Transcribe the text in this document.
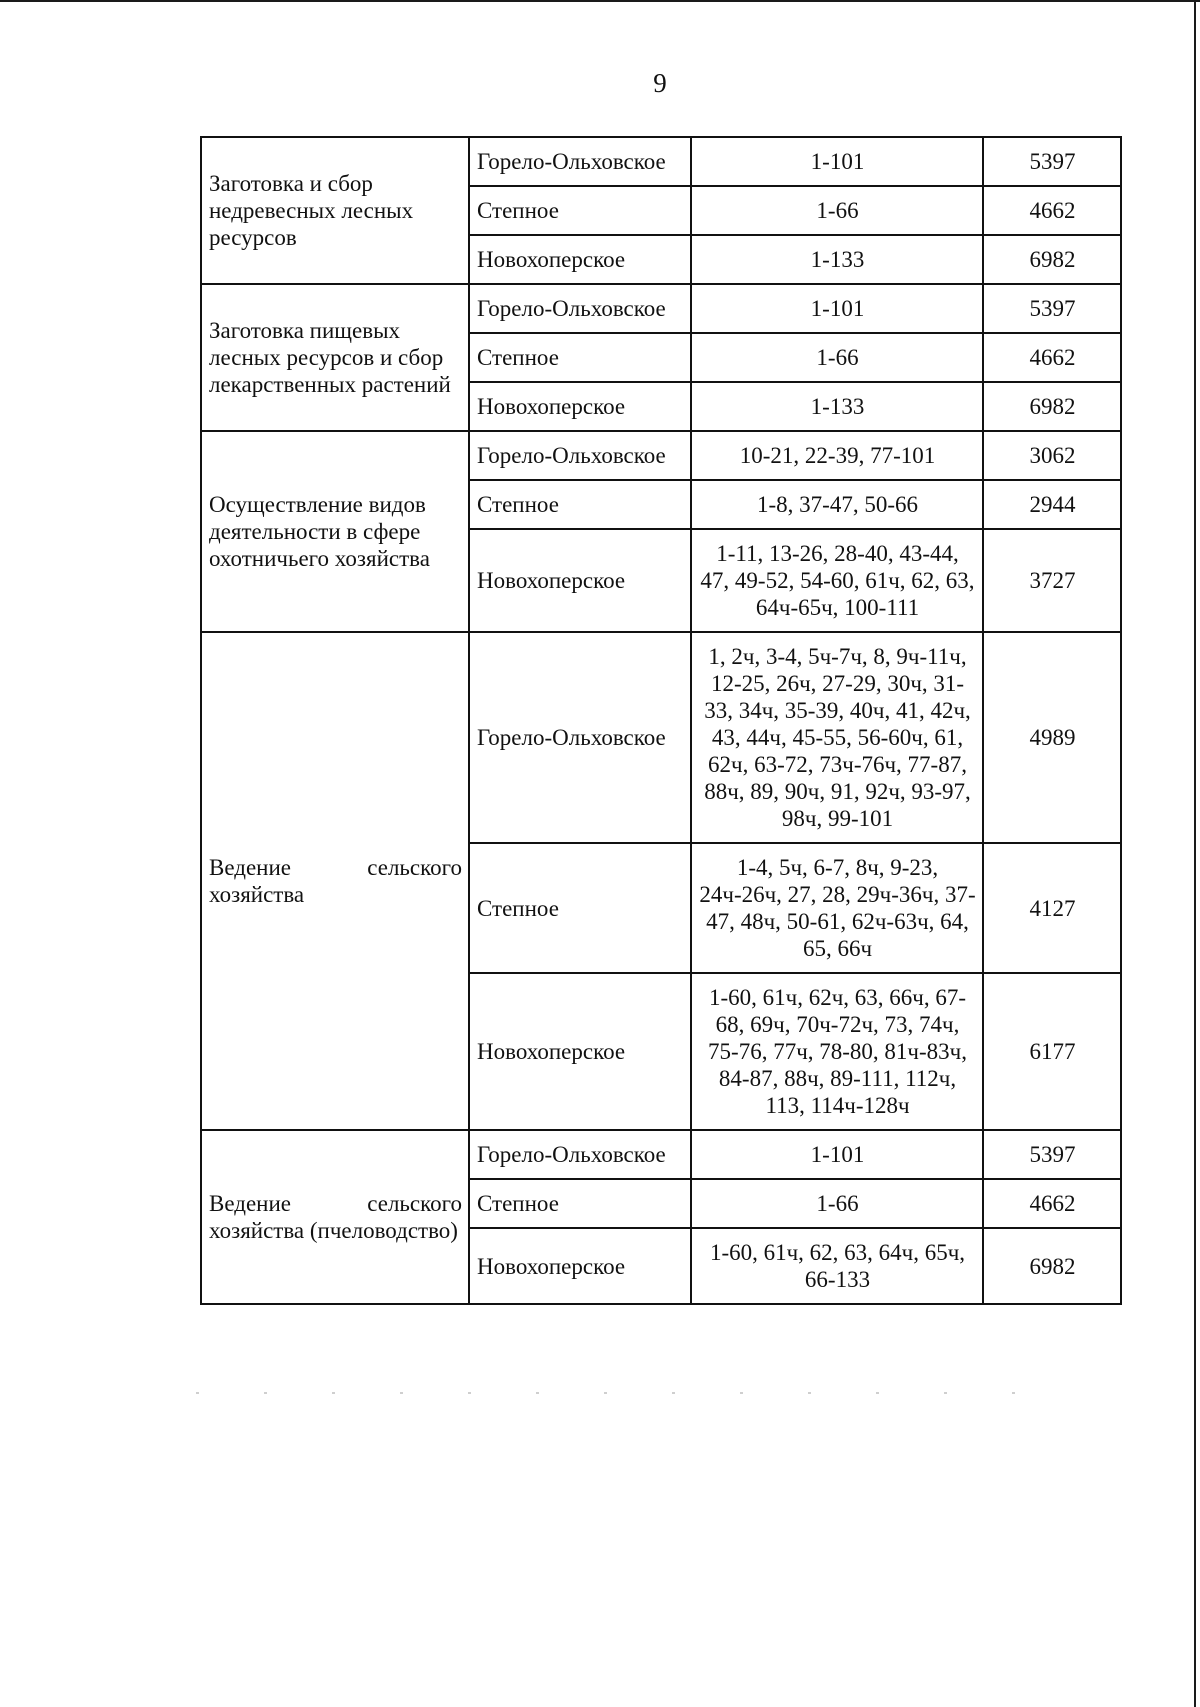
9
Заготовка и сбор недревесных лесных ресурсов	Горело-Ольховское	1-101	5397
	Степное	1-66	4662
	Новохоперское	1-133	6982
Заготовка пищевых лесных ресурсов и сбор лекарственных растений	Горело-Ольховское	1-101	5397
	Степное	1-66	4662
	Новохоперское	1-133	6982
Осуществление видов деятельности в сфере охотничьего хозяйства	Горело-Ольховское	10-21, 22-39, 77-101	3062
	Степное	1-8, 37-47, 50-66	2944
	Новохоперское	1-11, 13-26, 28-40, 43-44, 47, 49-52, 54-60, 61ч, 62, 63, 64ч-65ч, 100-111	3727
Ведение сельского хозяйства	Горело-Ольховское	1, 2ч, 3-4, 5ч-7ч, 8, 9ч-11ч, 12-25, 26ч, 27-29, 30ч, 31-33, 34ч, 35-39, 40ч, 41, 42ч, 43, 44ч, 45-55, 56-60ч, 61, 62ч, 63-72, 73ч-76ч, 77-87, 88ч, 89, 90ч, 91, 92ч, 93-97, 98ч, 99-101	4989
	Степное	1-4, 5ч, 6-7, 8ч, 9-23, 24ч-26ч, 27, 28, 29ч-36ч, 37-47, 48ч, 50-61, 62ч-63ч, 64, 65, 66ч	4127
	Новохоперское	1-60, 61ч, 62ч, 63, 66ч, 67-68, 69ч, 70ч-72ч, 73, 74ч, 75-76, 77ч, 78-80, 81ч-83ч, 84-87, 88ч, 89-111, 112ч, 113, 114ч-128ч	6177
Ведение сельского хозяйства (пчеловодство)	Горело-Ольховское	1-101	5397
	Степное	1-66	4662
	Новохоперское	1-60, 61ч, 62, 63, 64ч, 65ч, 66-133	6982
